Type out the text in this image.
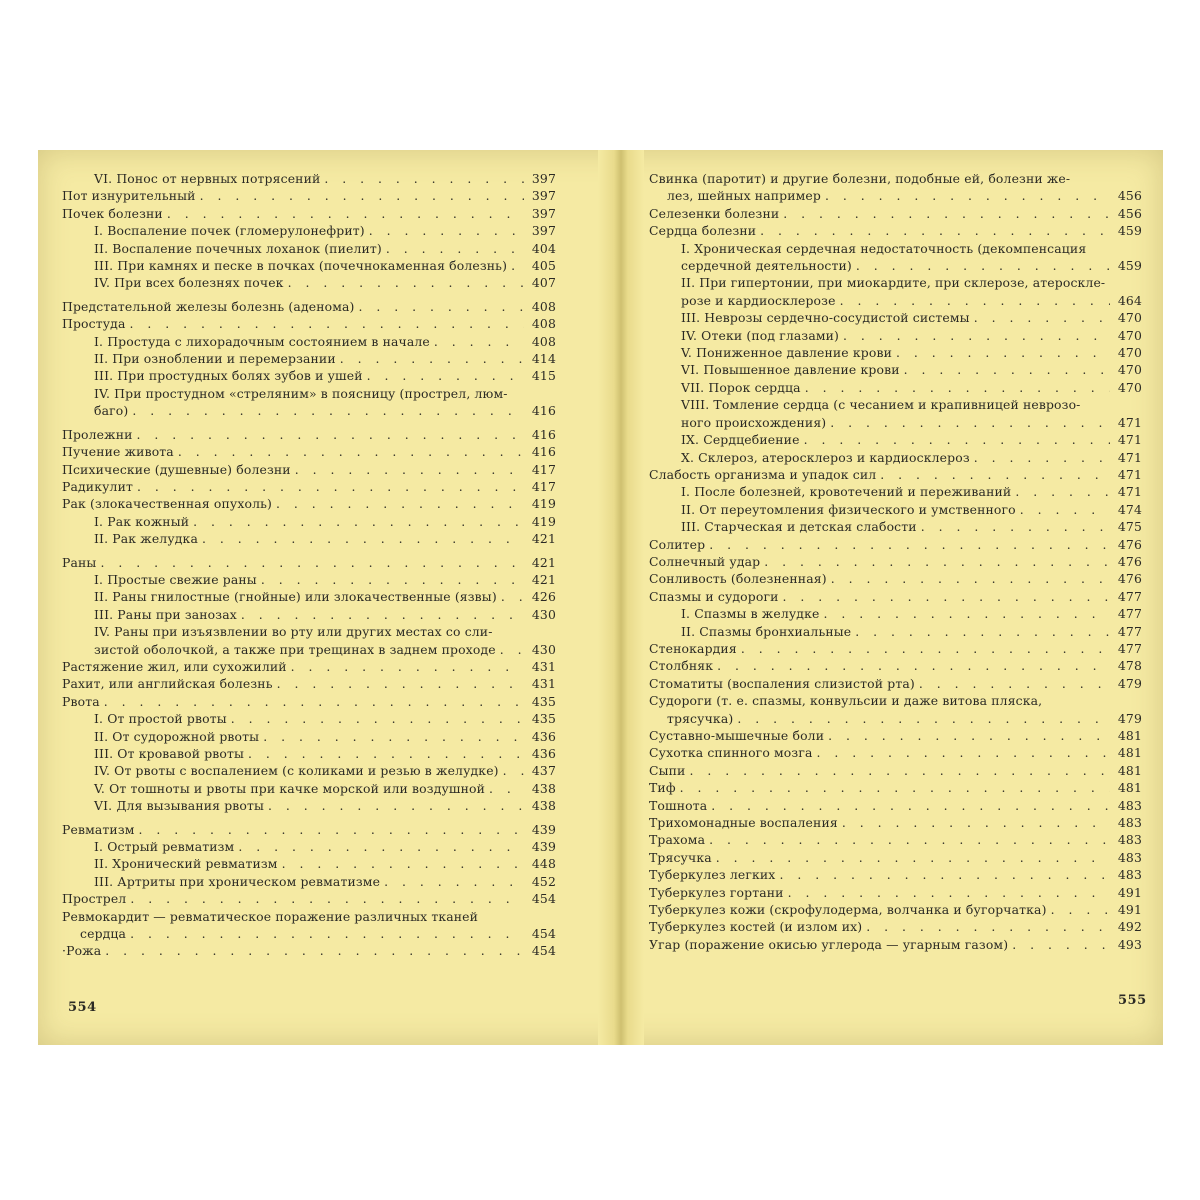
VI. Понос от нервных потрясений . . .	397
Пот изнурительный . . .	397
Почек болезни . . .	397
I. Воспаление почек (гломерулонефрит) . . .	397
II. Воспаление почечных лоханок (пиелит) . . .	404
III. При камнях и песке в почках (почечнокаменная болезнь) . . .	405
IV. При всех болезнях почек . . .	407
Предстательной железы болезнь (аденома) . . .	408
Простуда . . .	408
I. Простуда с лихорадочным состоянием в начале . . .	408
II. При озноблении и перемерзании . . .	414
III. При простудных болях зубов и ушей . . .	415
IV. При простудном «стреляним» в поясницу (прострел, люм-
баго) . . .	416
Пролежни . . .	416
Пучение живота . . .	416
Психические (душевные) болезни . . .	417
Радикулит . . .	417
Рак (злокачественная опухоль) . . .	419
I. Рак кожный . . .	419
II. Рак желудка . . .	421
Раны . . .	421
I. Простые свежие раны . . .	421
II. Раны гнилостные (гнойные) или злокачественные (язвы) . . .	426
III. Раны при занозах . . .	430
IV. Раны при изъязвлении во рту или других местах со сли-
зистой оболочкой, а также при трещинах в заднем проходе . . .	430
Растяжение жил, или сухожилий . . .	431
Рахит, или английская болезнь . . .	431
Рвота . . .	435
I. От простой рвоты . . .	435
II. От судорожной рвоты . . .	436
III. От кровавой рвоты . . .	436
IV. От рвоты с воспалением (с коликами и резью в желудке) . . .	437
V. От тошноты и рвоты при качке морской или воздушной . . .	438
VI. Для вызывания рвоты . . .	438
Ревматизм . . .	439
I. Острый ревматизм . . .	439
II. Хронический ревматизм . . .	448
III. Артриты при хроническом ревматизме . . .	452
Прострел . . .	454
Ревмокардит — ревматическое поражение различных тканей
сердца . . .	454
·Рожа . . .	454
Свинка (паротит) и другие болезни, подобные ей, болезни же-
лез, шейных например . . .	456
Селезенки болезни . . .	456
Сердца болезни . . .	459
I. Хроническая сердечная недостаточность (декомпенсация
сердечной деятельности) . . .	459
II. При гипертонии, при миокардите, при склерозе, атероскле-
розе и кардиосклерозе . . .	464
III. Неврозы сердечно-сосудистой системы . . .	470
IV. Отеки (под глазами) . . .	470
V. Пониженное давление крови . . .	470
VI. Повышенное давление крови . . .	470
VII. Порок сердца . . .	470
VIII. Томление сердца (с чесанием и крапивницей неврозо-
ного происхождения) . . .	471
IX. Сердцебиение . . .	471
X. Склероз, атеросклероз и кардиосклероз . . .	471
Слабость организма и упадок сил . . .	471
I. После болезней, кровотечений и переживаний . . .	471
II. От переутомления физического и умственного . . .	474
III. Старческая и детская слабости . . .	475
Солитер . . .	476
Солнечный удар . . .	476
Сонливость (болезненная) . . .	476
Спазмы и судороги . . .	477
I. Спазмы в желудке . . .	477
II. Спазмы бронхиальные . . .	477
Стенокардия . . .	477
Столбняк . . .	478
Стоматиты (воспаления слизистой рта) . . .	479
Судороги (т. е. спазмы, конвульсии и даже витова пляска,
трясучка) . . .	479
Суставно-мышечные боли . . .	481
Сухотка спинного мозга . . .	481
Сыпи . . .	481
Тиф . . .	481
Тошнота . . .	483
Трихомонадные воспаления . . .	483
Трахома . . .	483
Трясучка . . .	483
Туберкулез легких . . .	483
Туберкулез гортани . . .	491
Туберкулез кожи (скрофулодерма, волчанка и бугорчатка) . . .	491
Туберкулез костей (и излом их) . . .	492
Угар (поражение окисью углерода — угарным газом) . . .	493
554	555
